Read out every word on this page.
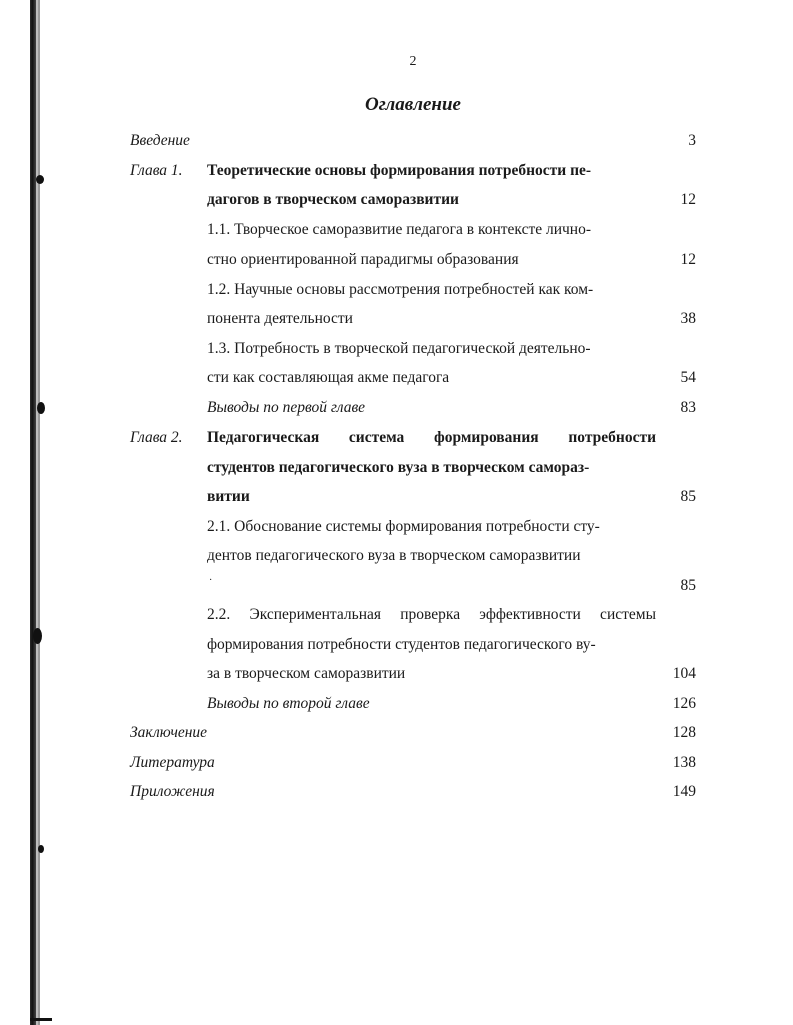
2
Оглавление
Введение	3
Глава 1. Теоретические основы формирования потребности пе-
дагогов в творческом саморазвитии	12
1.1. Творческое саморазвитие педагога в контексте лично-
стно ориентированной парадигмы образования	12
1.2. Научные основы рассмотрения потребностей как ком-
понента деятельности	38
1.3. Потребность в творческой педагогической деятельно-
сти как составляющая акме педагога	54
Выводы по первой главе	83
Глава 2. Педагогическая система формирования потребности
студентов педагогического вуза в творческом самораз-
витии	85
2.1. Обоснование системы формирования потребности сту-
дентов педагогического вуза в творческом саморазвитии
·	85
2.2. Экспериментальная проверка эффективности системы
формирования потребности студентов педагогического ву-
за в творческом саморазвитии	104
Выводы по второй главе	126
Заключение	128
Литература	138
Приложения	149
